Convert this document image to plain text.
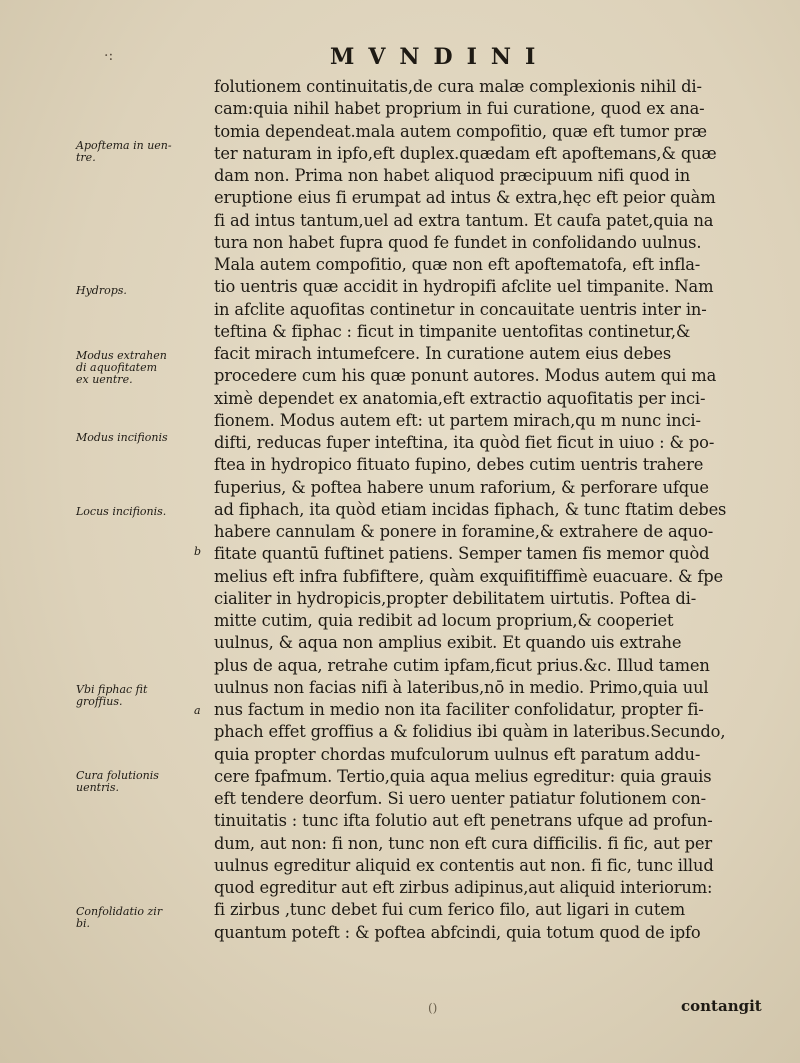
·:	MVNDINI
Apoftema in uen-
tre.
Hydrops.
Modus extrahen
di aquofitatem
ex uentre.
Modus incifionis
Locus incifionis.
b
Vbi fiphac fit
groffius.
a
Cura folutionis
uentris.
Confolidatio zir
bi.
folutionem continuitatis,de cura malæ complexionis nihil di-
cam:quia nihil habet proprium in fui curatione, quod ex ana-
tomia dependeat.mala autem compofitio, quæ eft tumor præ
ter naturam in ipfo,eft duplex.quædam eft apoftemans,& quæ
dam non. Prima non habet aliquod præcipuum nifi quod in
eruptione eius fi erumpat ad intus & extra,hęc eft peior quàm
fi ad intus tantum,uel ad extra tantum. Et caufa patet,quia na
tura non habet fupra quod fe fundet in confolidando uulnus.
Mala autem compofitio, quæ non eft apoftematofa, eft infla-
tio uentris quæ accidit in hydropifi afclite uel timpanite. Nam
in afclite aquofitas continetur in concauitate uentris inter in-
teftina & fiphac : ficut in timpanite uentofitas continetur,&
facit mirach intumefcere. In curatione autem eius debes
procedere cum his quæ ponunt autores. Modus autem qui ma
ximè dependet ex anatomia,eft extractio aquofitatis per inci-
fionem. Modus autem eft: ut partem mirach,qu m nunc inci-
difti, reducas fuper inteftina, ita quòd fiet ficut in uiuo : & po-
ftea in hydropico fituato fupino, debes cutim uentris trahere
fuperius, & poftea habere unum raforium, & perforare ufque
ad fiphach, ita quòd etiam incidas fiphach, & tunc ftatim debes
habere cannulam & ponere in foramine,& extrahere de aquo-
fitate quantū fuftinet patiens. Semper tamen fis memor quòd
melius eft infra fubfiftere, quàm exquifitiffimè euacuare. & fpe
cialiter in hydropicis,propter debilitatem uirtutis. Poftea di-
mitte cutim, quia redibit ad locum proprium,& cooperiet
uulnus, & aqua non amplius exibit. Et quando uis extrahe
plus de aqua, retrahe cutim ipfam,ficut prius.&c. Illud tamen
uulnus non facias nifi à lateribus,nō in medio. Primo,quia uul
nus factum in medio non ita faciliter confolidatur, propter fi-
phach effet groffius a & folidius ibi quàm in lateribus.Secundo,
quia propter chordas mufculorum uulnus eft paratum addu-
cere fpafmum. Tertio,quia aqua melius egreditur: quia grauis
eft tendere deorfum. Si uero uenter patiatur folutionem con-
tinuitatis : tunc ifta folutio aut eft penetrans ufque ad profun-
dum, aut non: fi non, tunc non eft cura difficilis. fi fic, aut per
uulnus egreditur aliquid ex contentis aut non. fi fic, tunc illud
quod egreditur aut eft zirbus adipinus,aut aliquid interiorum:
fi zirbus ,tunc debet fui cum ferico filo, aut ligari in cutem
quantum poteft : & poftea abfcindi, quia totum quod de ipfo
()	contangit
